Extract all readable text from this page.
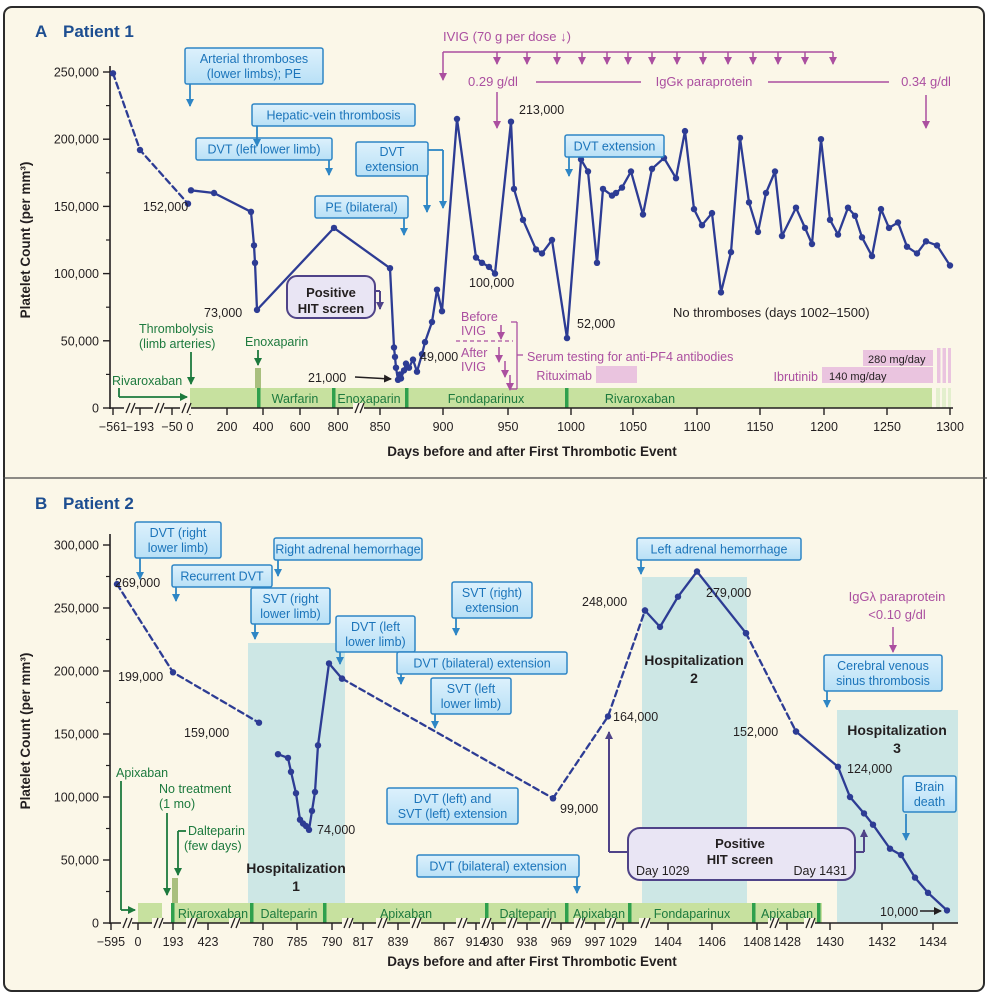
0
50,000
100,000
150,000
200,000
250,000
−561
−193 −50 0 200 400 600 800 850	900	950	1000	1050	1100	1150	1200	1250	1300
Arterial thromboses
(lower limbs); PE
Hepatic-vein thrombosis
DVT (left lower limb)	DVT
extension
PE (bilateral)
DVT extension
A Patient 1
Platelet Count (per mm³)
Days before and after First Thrombotic Event
152,000
73,000
21,000
49,000
100,000
213,000
52,000
No thromboses (days 1002–1500)
Thrombolysis
(limb arteries) Enoxaparin
Rivaroxaban
IVIG (70 g per dose ↓)
0.29 g/dl	IgGκ paraprotein	0.34 g/dl
Before
IVIG
After
IVIG
Serum testing for anti-PF4 antibodies
Rituximab	Ibrutinib 140 mg/day
280 mg/day
Positive
HIT screen
Warfarin Enoxaparin	Fondaparinux	Rivaroxaban
0
50,000
100,000
150,000
200,000
250,000
300,000
−595 0 193 423	780 785 790 817 839 867 914
930 938 969 997 1029 1404 1406 1408 1428 1430 1432 1434
DVT (right
lower limb)
Recurrent DVT
Right adrenal hemorrhage
SVT (right
lower limb)
DVT (left
lower limb)
SVT (right)
extension
DVT (bilateral) extension
SVT (left
lower limb)
DVT (left) and
SVT (left) extension
DVT (bilateral) extension
Left adrenal hemorrhage
Cerebral venous
sinus thrombosis
Brain
death
B Patient 2
Platelet Count (per mm³)
Days before and after First Thrombotic Event
269,000
199,000
159,000
74,000
99,000
164,000
248,000
279,000
152,000
124,000
10,000
Hospitalization
1
Hospitalization
2
Hospitalization
3
Apixaban
No treatment
(1 mo)
Dalteparin
(few days)
IgGλ paraprotein
<0.10 g/dl
Positive
HIT screen
Day 1029	Day 1431
Rivaroxaban Dalteparin	Apixaban	Dalteparin Apixaban Fondaparinux Apixaban
